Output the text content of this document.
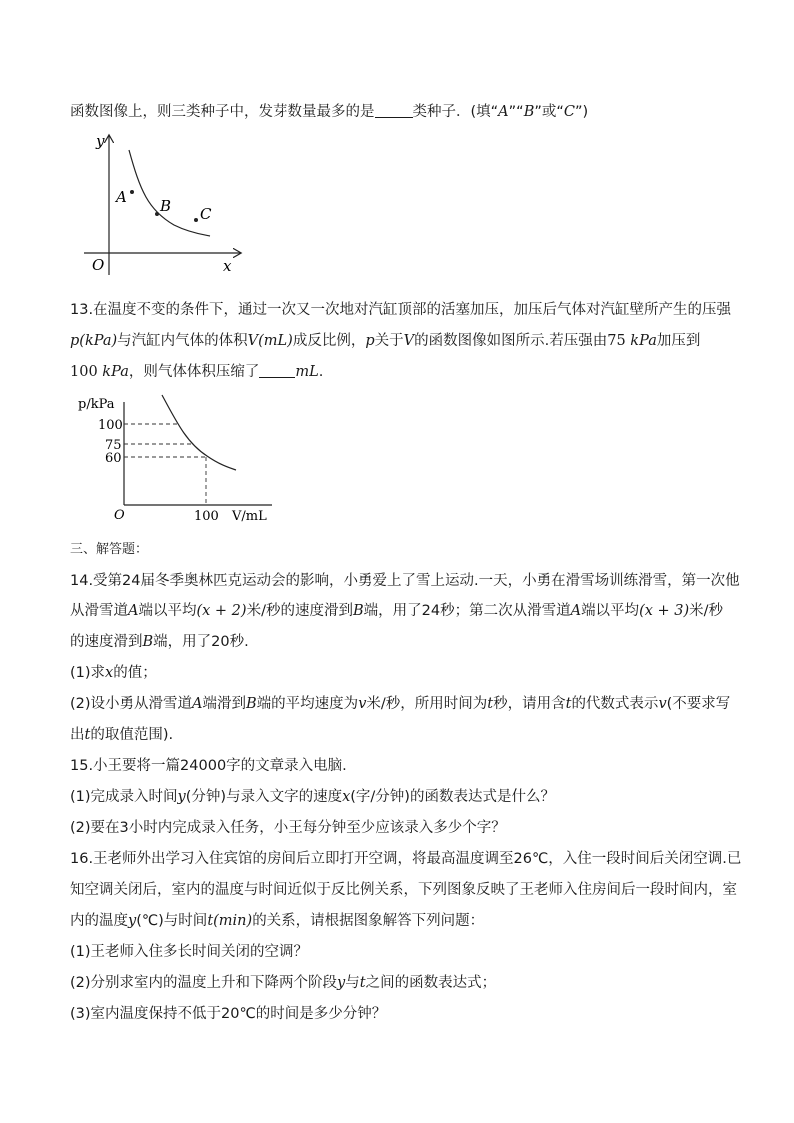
函数图像上，则三类种子中，发芽数量最多的是	类种子．(填“A”“B”或“C”)
y
x
O
A B C
13.在温度不变的条件下，通过一次又一次地对汽缸顶部的活塞加压，加压后气体对汽缸壁所产生的压强
p(kPa)与汽缸内气体的体积V(mL)成反比例，p关于V的函数图像如图所示.若压强由75 kPa加压到
100 kPa，则气体体积压缩了 mL.
p/kPa
100
75
60
O	100 V/mL
三、解答题：
14.受第24届冬季奥林匹克运动会的影响，小勇爱上了雪上运动.一天，小勇在滑雪场训练滑雪，第一次他
从滑雪道A端以平均(x + 2)米/秒的速度滑到B端，用了24秒；第二次从滑雪道A端以平均(x + 3)米/秒
的速度滑到B端，用了20秒.
(1)求x的值；
(2)设小勇从滑雪道A端滑到B端的平均速度为v米/秒，所用时间为t秒，请用含t的代数式表示v(不要求写
出t的取值范围).
15.小王要将一篇24000字的文章录入电脑.
(1)完成录入时间y(分钟)与录入文字的速度x(字/分钟)的函数表达式是什么？
(2)要在3小时内完成录入任务，小王每分钟至少应该录入多少个字？
16.王老师外出学习入住宾馆的房间后立即打开空调，将最高温度调至26℃，入住一段时间后关闭空调.已
知空调关闭后，室内的温度与时间近似于反比例关系，下列图象反映了王老师入住房间后一段时间内，室
内的温度y(℃)与时间t(min)的关系，请根据图象解答下列问题：
(1)王老师入住多长时间关闭的空调？
(2)分别求室内的温度上升和下降两个阶段y与t之间的函数表达式；
(3)室内温度保持不低于20℃的时间是多少分钟？
